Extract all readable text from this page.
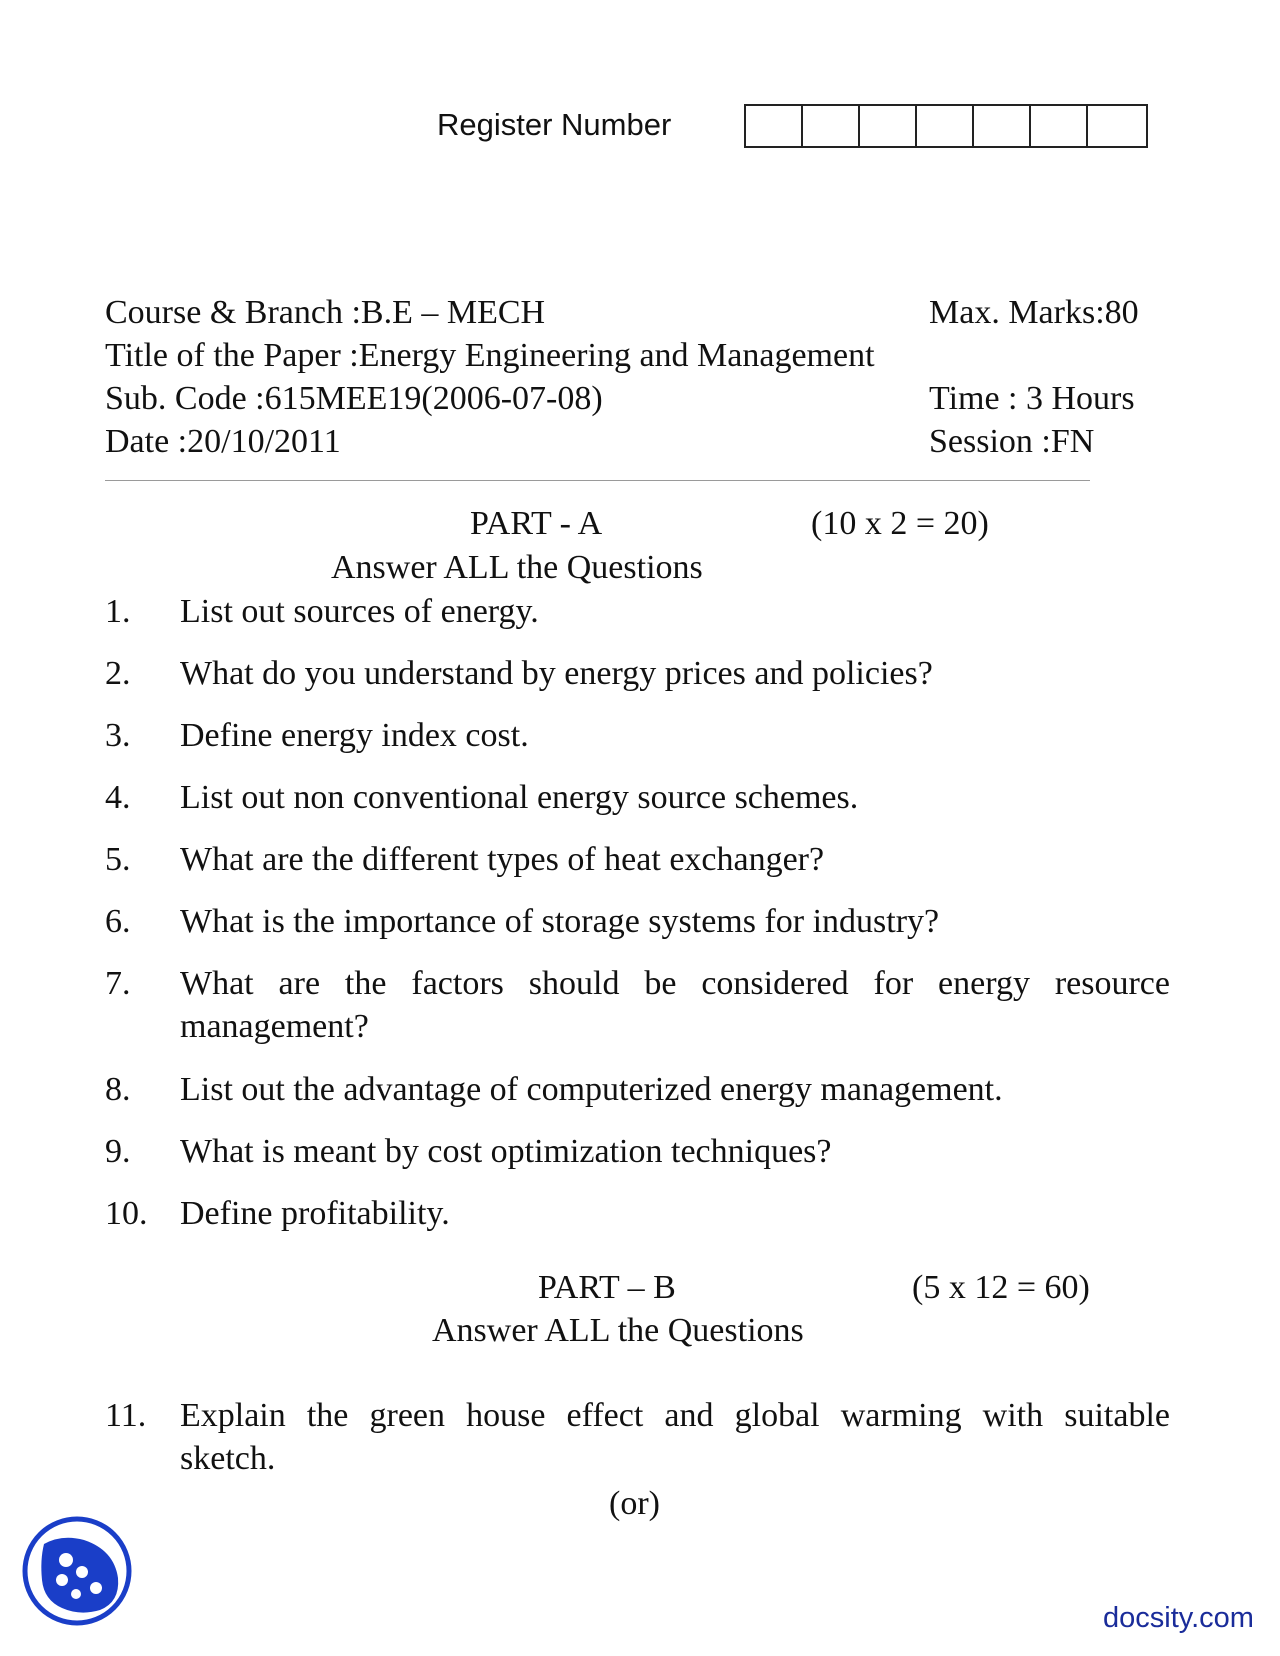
Register Number
Course & Branch :B.E – MECH	Max. Marks:80
Title of the Paper :Energy Engineering and Management
Sub. Code :615MEE19(2006-07-08)	Time : 3 Hours
Date :20/10/2011	Session :FN
PART - A	(10 x 2 = 20)
Answer ALL the Questions
1. List out sources of energy.
2. What do you understand by energy prices and policies?
3. Define energy index cost.
4. List out non conventional energy source schemes.
5. What are the different types of heat exchanger?
6. What is the importance of storage systems for industry?
7. What are the factors should be considered for energy resource
management?
8. List out the advantage of computerized energy management.
9. What is meant by cost optimization techniques?
10. Define profitability.
PART – B	(5 x 12 = 60)
Answer ALL the Questions
11. Explain the green house effect and global warming with suitable
sketch.
(or)
docsity.com
